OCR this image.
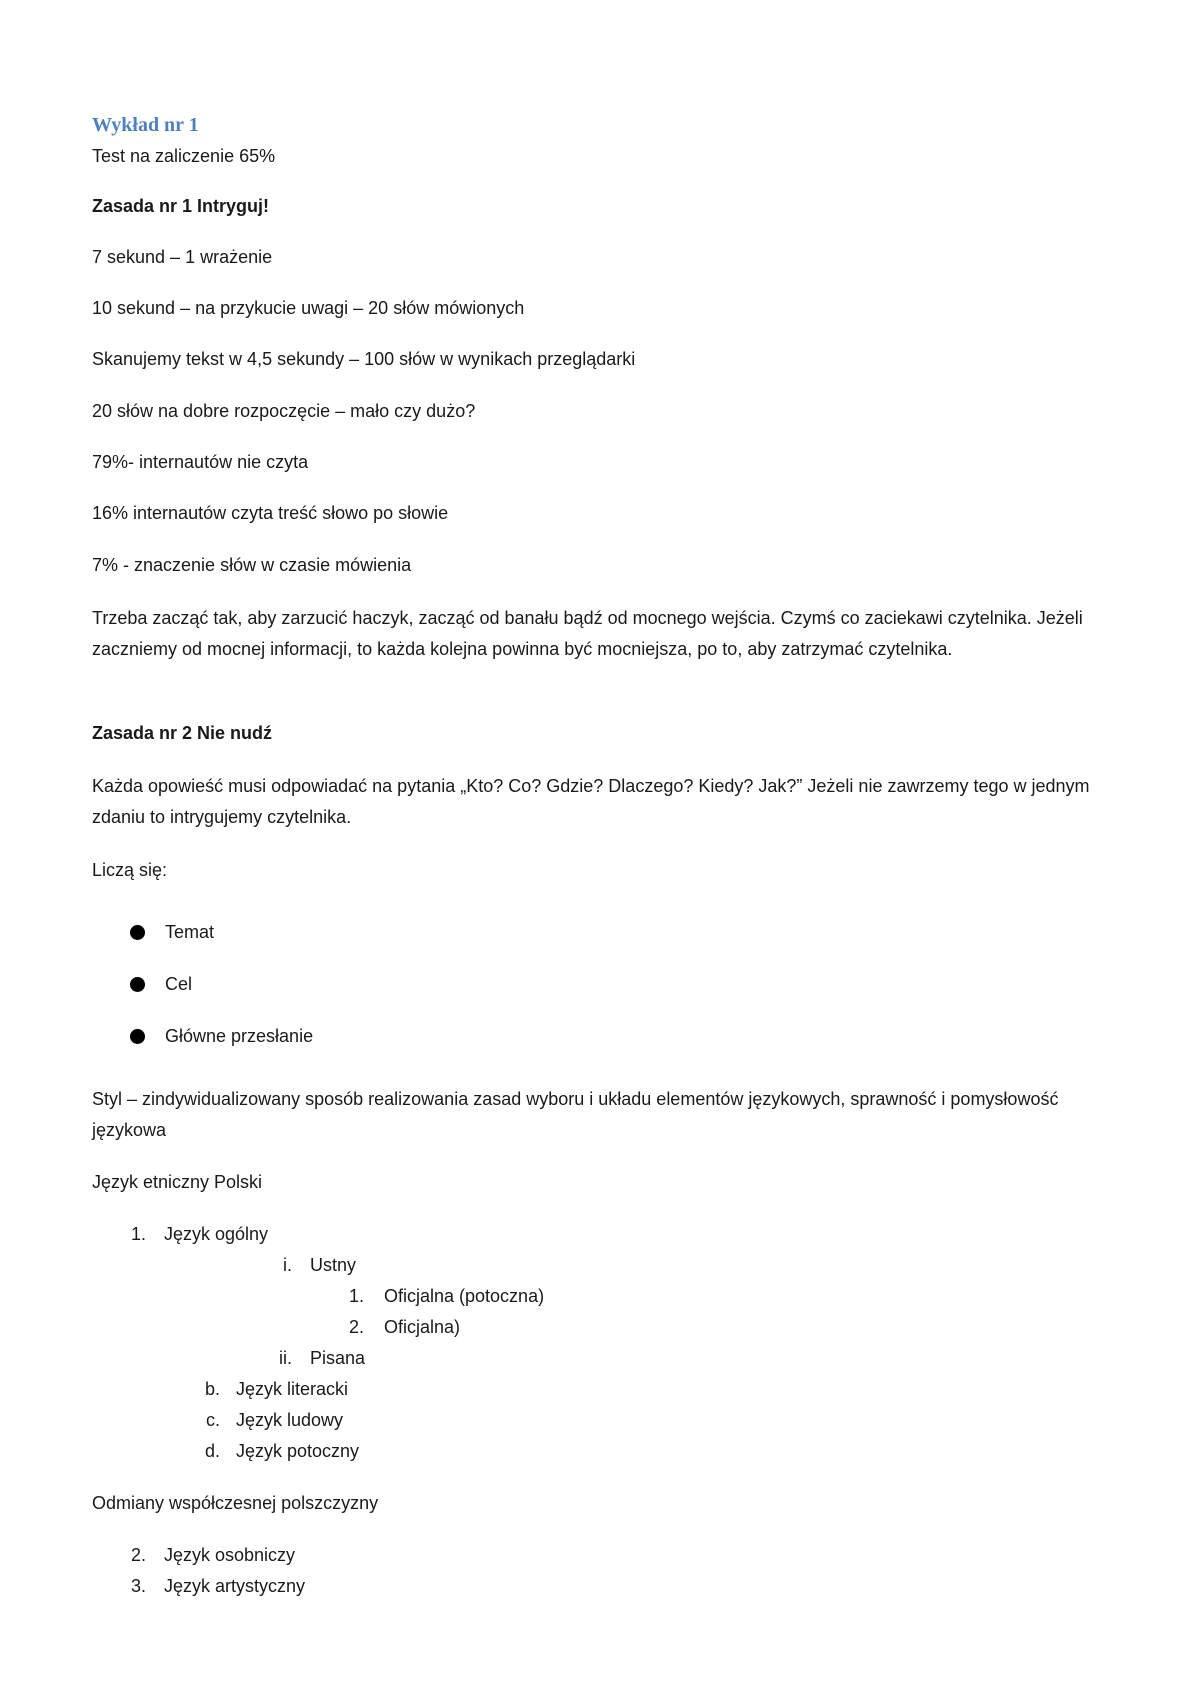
Wykład nr 1
Test na zaliczenie 65%
Zasada nr 1 Intryguj!
7 sekund – 1 wrażenie
10 sekund – na przykucie uwagi – 20 słów mówionych
Skanujemy tekst w 4,5 sekundy – 100 słów w wynikach przeglądarki
20 słów na dobre rozpoczęcie – mało czy dużo?
79%- internautów nie czyta
16% internautów czyta treść słowo po słowie
7% - znaczenie słów w czasie mówienia
Trzeba zacząć tak, aby zarzucić haczyk, zacząć od banału bądź od mocnego wejścia. Czymś co zaciekawi czytelnika. Jeżeli zaczniemy od mocnej informacji, to każda kolejna powinna być mocniejsza, po to, aby zatrzymać czytelnika.
Zasada nr 2 Nie nudź
Każda opowieść musi odpowiadać na pytania „Kto? Co? Gdzie? Dlaczego? Kiedy? Jak?” Jeżeli nie zawrzemy tego w jednym zdaniu to intrygujemy czytelnika.
Liczą się:
Temat
Cel
Główne przesłanie
Styl – zindywidualizowany sposób realizowania zasad wyboru i układu elementów językowych, sprawność i pomysłowość językowa
Język etniczny Polski
1. Język ogólny
i. Ustny
1. Oficjalna (potoczna)
2. Oficjalna)
ii. Pisana
b. Język literacki
c. Język ludowy
d. Język potoczny
Odmiany współczesnej polszczyzny
2. Język osobniczy
3. Język artystyczny
